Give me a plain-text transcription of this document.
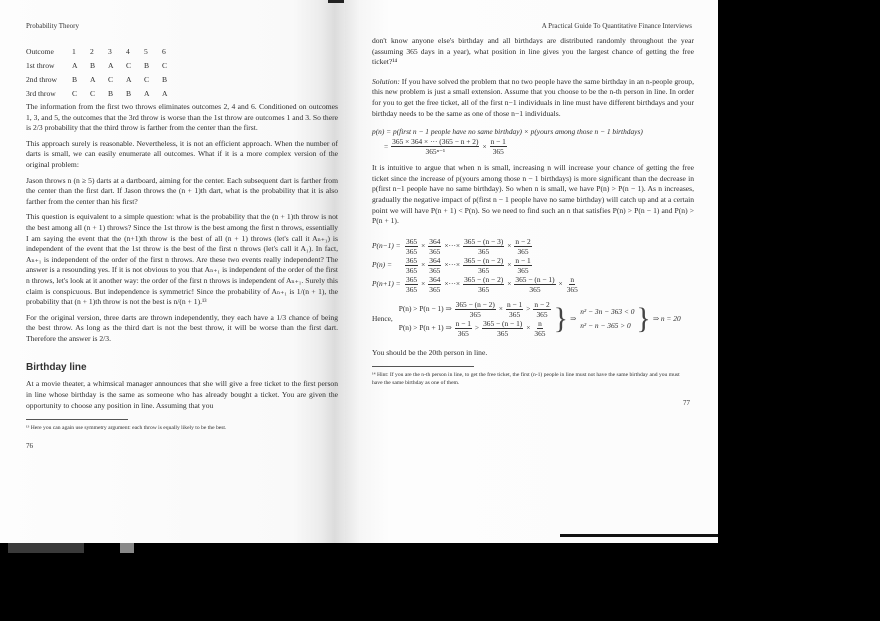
Probability Theory
Outcome	1	2	3	4	5	6
1st throw	A	B	A	C	B	C
2nd throw	B	A	C	A	C	B
3rd throw	C	C	B	B	A	A

The information from the first two throws eliminates outcomes 2, 4 and 6. Conditioned on outcomes 1, 3, and 5, the outcomes that the 3rd throw is worse than the 1st throw are outcomes 1 and 3. So there is 2/3 probability that the third throw is farther from the center than the first.

This approach surely is reasonable. Nevertheless, it is not an efficient approach. When the number of darts is small, we can easily enumerate all outcomes. What if it is a more complex version of the original problem:

Jason throws n (n ≥ 5) darts at a dartboard, aiming for the center. Each subsequent dart is farther from the center than the first dart. If Jason throws the (n + 1)th dart, what is the probability that it is also farther from the center than his first?

This question is equivalent to a simple question: what is the probability that the (n + 1)th throw is not the best among all (n + 1) throws? Since the 1st throw is the best among the first n throws, essentially I am saying the event that the (n+1)th throw is the best of all (n + 1) throws (let's call it Aₙ₊₁) is independent of the event that the 1st throw is the best of the first n throws (let's call it A₁). In fact, Aₙ₊₁ is independent of the order of the first n throws. Are these two events really independent? The answer is a resounding yes. If it is not obvious to you that Aₙ₊₁ is independent of the order of the first n throws, let's look at it another way: the order of the first n throws is independent of Aₙ₊₁. Surely this claim is conspicuous. But independence is symmetric! Since the probability of Aₙ₊₁ is 1/(n + 1), the probability that (n + 1)th throw is not the best is n/(n + 1).¹³

For the original version, three darts are thrown independently, they each have a 1/3 chance of being the best throw. As long as the third dart is not the best throw, it will be worse than the first dart. Therefore the answer is 2/3.

Birthday line

At a movie theater, a whimsical manager announces that she will give a free ticket to the first person in line whose birthday is the same as someone who has already bought a ticket. You are given the opportunity to choose any position in line. Assuming that you

¹³ Here you can again use symmetry argument: each throw is equally likely to be the best.
76
A Practical Guide To Quantitative Finance Interviews

don't know anyone else's birthday and all birthdays are distributed randomly throughout the year (assuming 365 days in a year), what position in line gives you the largest chance of getting the free ticket?¹⁴

Solution: If you have solved the problem that no two people have the same birthday in an n-people group, this new problem is just a small extension. Assume that you choose to be the n-th person in line. In order for you to get the free ticket, all of the first n−1 individuals in line must have different birthdays and your birthday needs to be the same as one of those n−1 individuals.

p(n) = p(first n − 1 people have no same birthday) × p(yours among those n − 1 birthdays)
= $\frac{365 \times 364 \times \cdot\cdot\cdot (365 - n + 2)}{\text{365ⁿ⁻¹}} \times \frac{n - 1}{365}$

It is intuitive to argue that when n is small, increasing n will increase your chance of getting the free ticket since the increase of p(yours among those n − 1 birthdays) is more significant than the decrease in p(first n−1 people have no same birthday). So when n is small, we have P(n) > P(n − 1). As n increases, gradually the negative impact of p(first n − 1 people have no same birthday) will catch up and at a certain point we will have P(n + 1) < P(n). So we need to find such an n that satisfies P(n) > P(n − 1) and P(n) > P(n + 1).

$P(n-1) = \frac{365}{365} \times \frac{364}{365}$ ×···× $\frac{365 - (n - 3)}{365} \times \frac{n - 2}{365}$
P(n) =	$\frac{365}{365} \times \frac{364}{365}$ ×···× $\frac{365 - (n - 2)}{365} \times \frac{n - 1}{365}$
$P(n+1) = \frac{365}{365} \times \frac{364}{365}$ ×···× $\frac{365 - (n - 2)}{365} \times \frac{365 - (n - 1)}{365} \times \frac{n}{365}$
Hence,
P(n) > P(n − 1) ⇒ $\frac{365 - (n - 2)}{365} \times \frac{n - 1}{365} > \frac{n - 2}{365}$
P(n) > P(n + 1) ⇒ $\frac{n - 1}{365} > \frac{365 - (n - 1)}{365} \times \frac{n}{365}$ } ⇒
n² − 3n − 363 < 0
n² − n − 365 > 0 } ⇒ n = 20

You should be the 20th person in line.

¹⁴ Hint: If you are the n-th person in line, to get the free ticket, the first (n-1) people in line must not have the same birthday and you must have the same birthday as one of them.
77
